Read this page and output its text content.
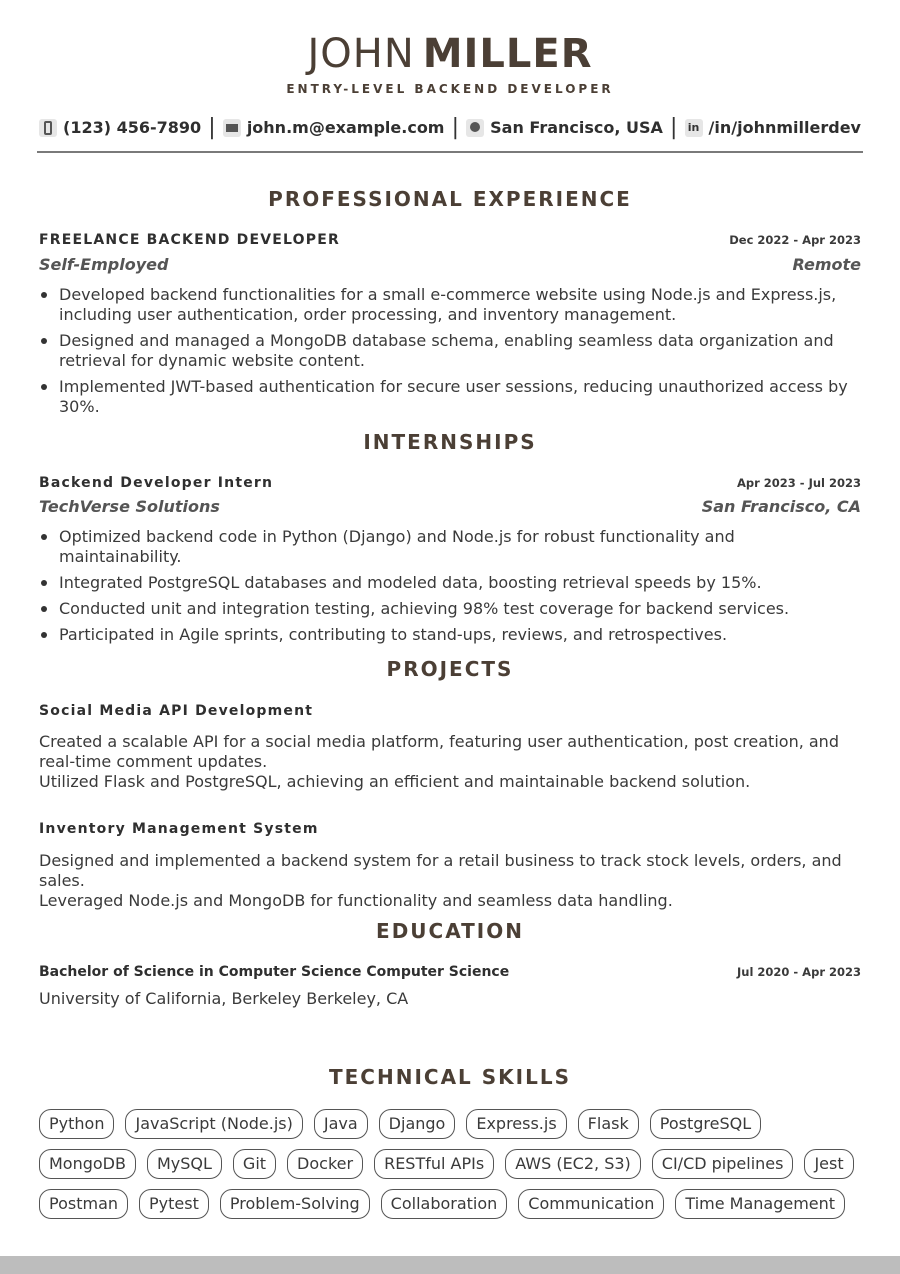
JOHN MILLER
ENTRY-LEVEL BACKEND DEVELOPER
(123) 456-7890 | john.m@example.com | San Francisco, USA | in /in/johnmillerdev
PROFESSIONAL EXPERIENCE
FREELANCE BACKEND DEVELOPER	Dec 2022 - Apr 2023
Self-Employed	Remote
Developed backend functionalities for a small e-commerce website using Node.js and Express.js, including user authentication, order processing, and inventory management.
Designed and managed a MongoDB database schema, enabling seamless data organization and retrieval for dynamic website content.
Implemented JWT-based authentication for secure user sessions, reducing unauthorized access by 30%.
INTERNSHIPS
Backend Developer Intern	Apr 2023 - Jul 2023
TechVerse Solutions	San Francisco, CA
Optimized backend code in Python (Django) and Node.js for robust functionality and maintainability.
Integrated PostgreSQL databases and modeled data, boosting retrieval speeds by 15%.
Conducted unit and integration testing, achieving 98% test coverage for backend services.
Participated in Agile sprints, contributing to stand-ups, reviews, and retrospectives.
PROJECTS
Social Media API Development
Created a scalable API for a social media platform, featuring user authentication, post creation, and real-time comment updates.
Utilized Flask and PostgreSQL, achieving an efficient and maintainable backend solution.
Inventory Management System
Designed and implemented a backend system for a retail business to track stock levels, orders, and sales.
Leveraged Node.js and MongoDB for functionality and seamless data handling.
EDUCATION
Bachelor of Science in Computer Science Computer Science	Jul 2020 - Apr 2023
University of California, Berkeley Berkeley, CA
TECHNICAL SKILLS
Python	JavaScript (Node.js)	Java	Django	Express.js	Flask	PostgreSQL
MongoDB	MySQL	Git	Docker	RESTful APIs	AWS (EC2, S3)	CI/CD pipelines	Jest
Postman	Pytest	Problem-Solving	Collaboration	Communication	Time Management
